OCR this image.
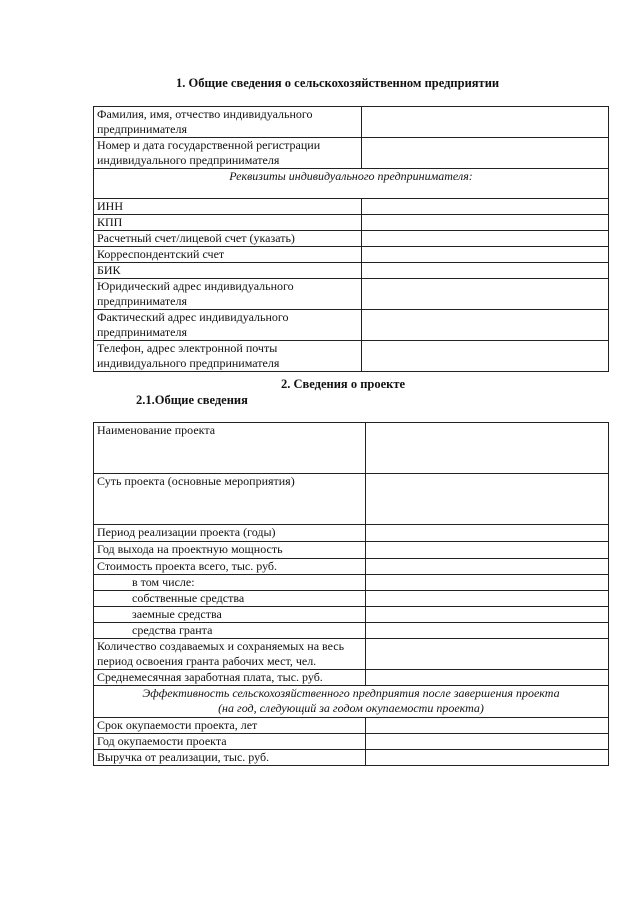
1. Общие сведения о сельскохозяйственном предприятии
Фамилия, имя, отчество индивидуального предпринимателя	
Номер и дата государственной регистрации индивидуального предпринимателя	
Реквизиты индивидуального предпринимателя:	
ИНН	
КПП	
Расчетный счет/лицевой счет (указать)	
Корреспондентский счет	
БИК	
Юридический адрес индивидуального предпринимателя	
Фактический адрес индивидуального предпринимателя	
Телефон, адрес электронной почты индивидуального предпринимателя	
2. Сведения о проекте
2.1.Общие сведения
Наименование проекта	
Суть проекта (основные мероприятия)	
Период реализации проекта (годы)	
Год выхода на проектную мощность	
Стоимость проекта всего, тыс. руб.	
в том числе:	
собственные средства	
заемные средства	
средства гранта	
Количество создаваемых и сохраняемых на весь период освоения гранта рабочих мест, чел.	
Среднемесячная заработная плата, тыс. руб.	

Эффективность сельскохозяйственного предприятия после завершения проекта
(на год, следующий за годом окупаемости проекта)	

Срок окупаемости проекта, лет	
Год окупаемости проекта	
Выручка от реализации, тыс. руб.	
